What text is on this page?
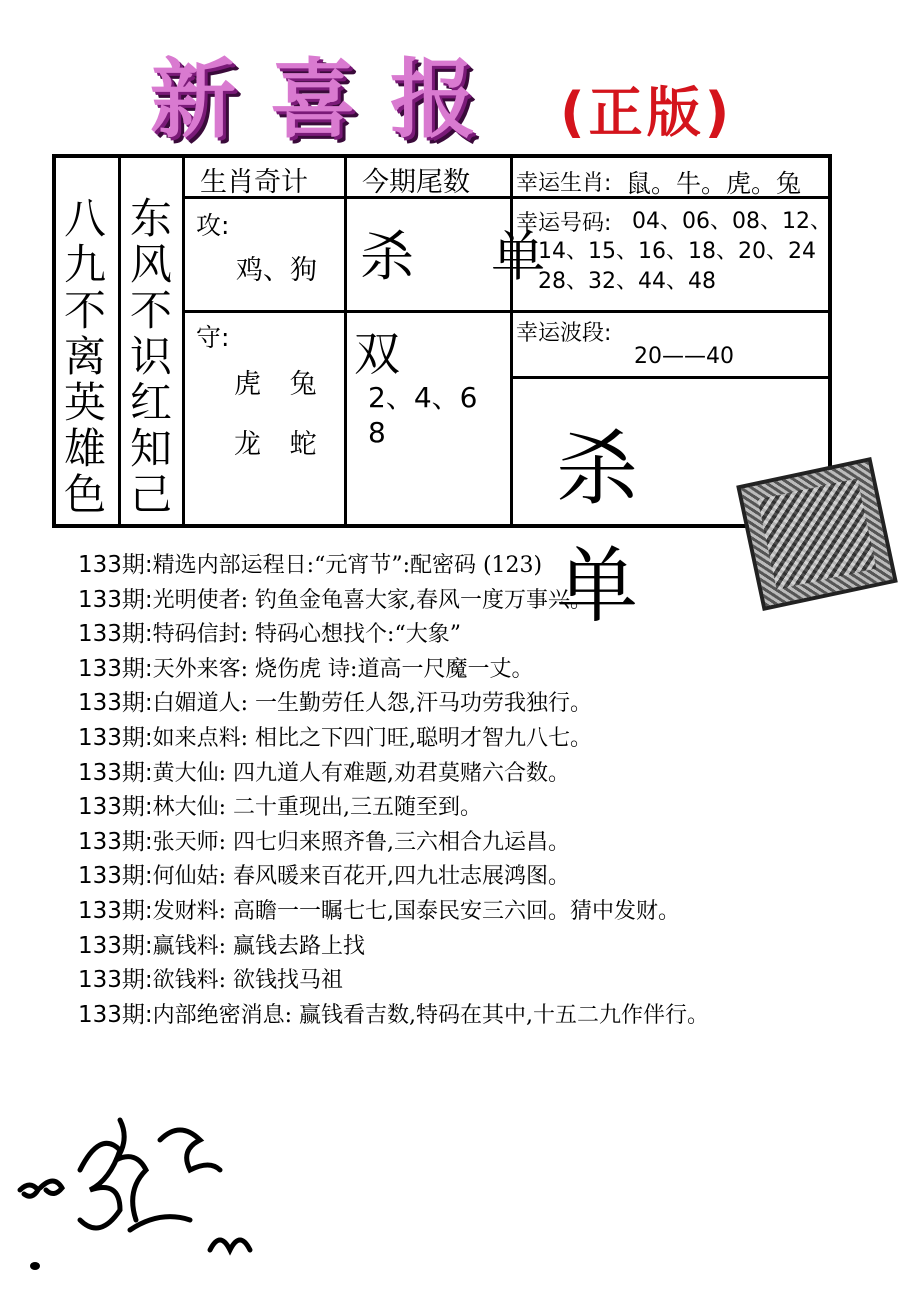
新喜报 (正版)
八九不离英雄色
东风不识红知己
生肖奇计 今期尾数 幸运生肖: 鼠。牛。虎。兔
攻:
鸡、狗 杀 单
幸运号码: 04、06、08、12、
14、15、16、18、20、24
28、32、44、48
守:
虎 兔
龙 蛇
双
2、4、6
8
幸运波段:
20——40
杀 单
133期:精选内部运程日:“元宵节”:配密码 (123)
133期:光明使者: 钓鱼金龟喜大家,春风一度万事兴。
133期:特码信封: 特码心想找个:“大象”
133期:天外来客: 烧伤虎 诗:道高一尺魔一丈。
133期:白媚道人: 一生勤劳任人怨,汗马功劳我独行。
133期:如来点料: 相比之下四门旺,聪明才智九八七。
133期:黄大仙: 四九道人有难题,劝君莫赌六合数。
133期:林大仙: 二十重现出,三五随至到。
133期:张天师: 四七归来照齐鲁,三六相合九运昌。
133期:何仙姑: 春风暖来百花开,四九壮志展鸿图。
133期:发财料: 高瞻一一瞩七七,国泰民安三六回。猜中发财。
133期:赢钱料: 赢钱去路上找
133期:欲钱料: 欲钱找马祖
133期:内部绝密消息: 赢钱看吉数,特码在其中,十五二九作伴行。
